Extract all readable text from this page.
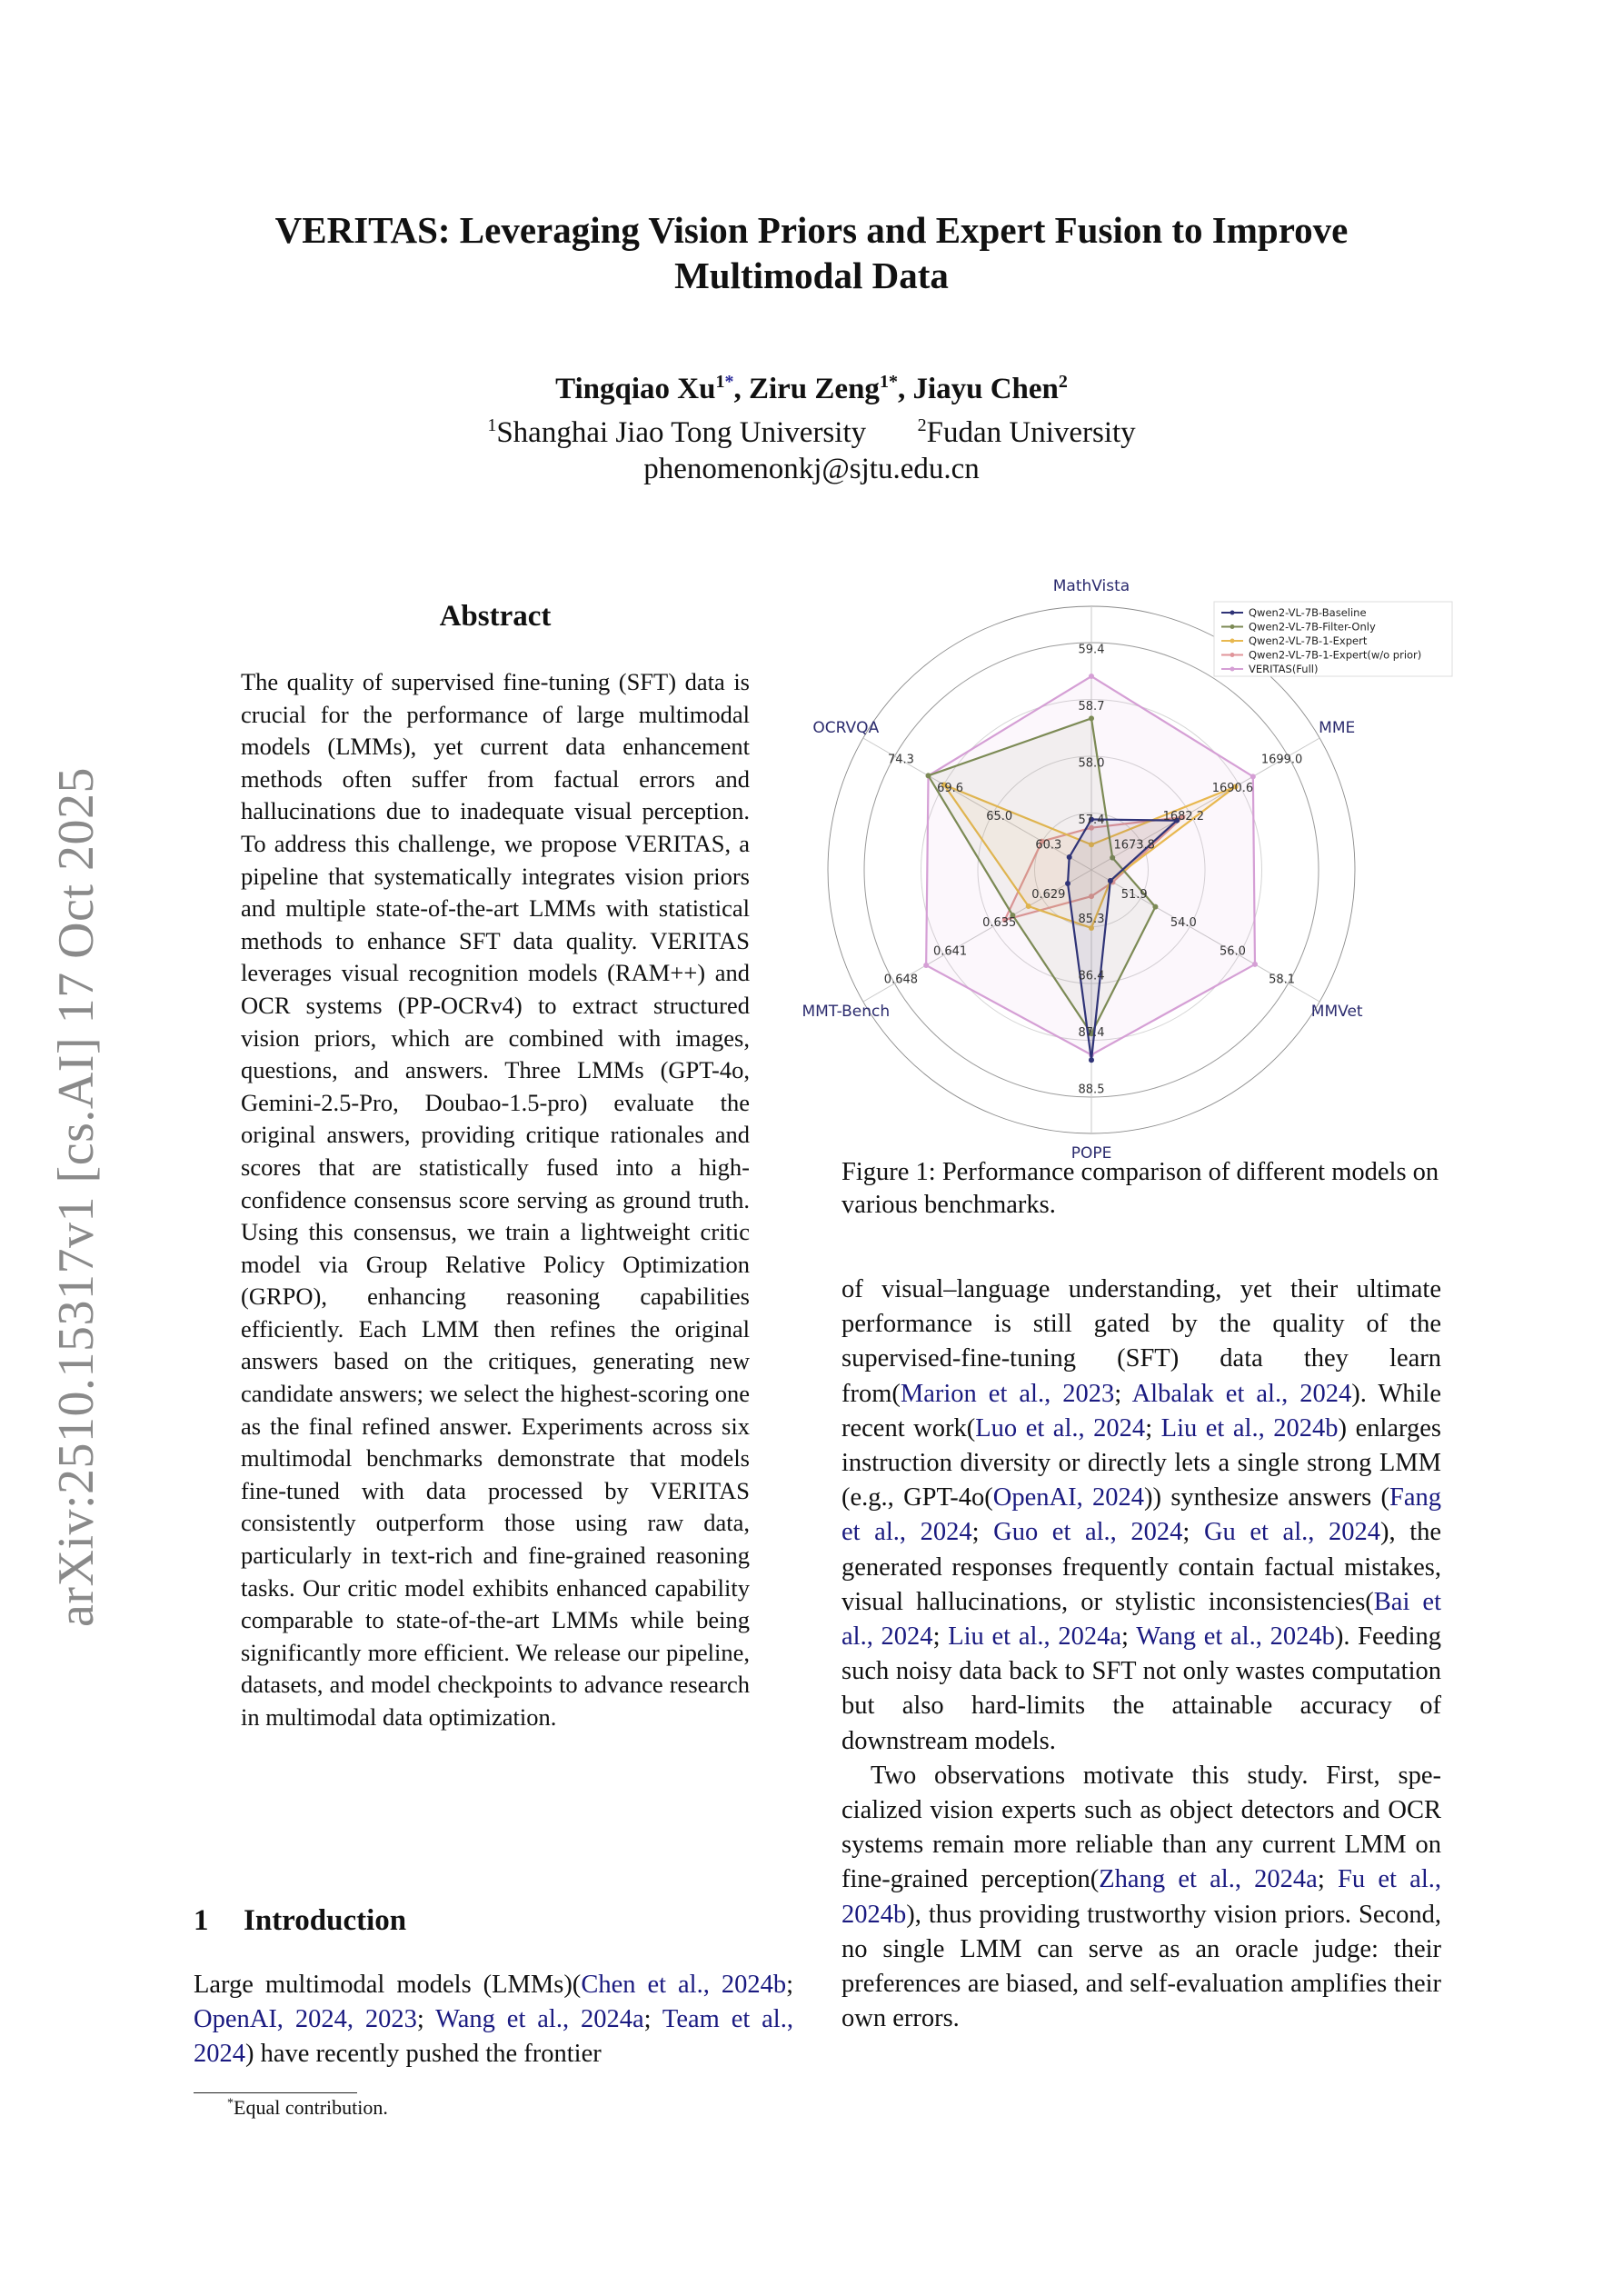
arXiv:2510.15317v1 [cs.AI] 17 Oct 2025
VERITAS: Leveraging Vision Priors and Expert Fusion to Improve
Multimodal Data
Tingqiao $Xu^{1*}$, Ziru Zeng$^{1*}$, Jiayu Chen$^2$
$^1$Shanghai Jiao Tong University	$^2$Fudan University
phenomenonkj@sjtu.edu.cn
Abstract

The quality of supervised fine-tuning (SFT) data is crucial for the performance of large multimodal models (LMMs), yet current data enhancement methods often suffer from factual errors and hallucinations due to inadequate visual perception. To address this challenge, we propose VERITAS, a pipeline that systematically integrates vision priors and multiple state-of-the-art LMMs with statistical methods to enhance SFT data quality. VERITAS leverages visual recognition models (RAM++) and OCR systems (PP-OCRv4) to extract structured vision priors, which are combined with images, questions, and answers. Three LMMs (GPT-4o, Gemini-2.5-Pro, Doubao-1.5-pro) evaluate the original answers, providing critique rationales and scores that are statistically fused into a high-confidence consensus score serving as ground truth. Using this consensus, we train a lightweight critic model via Group Relative Policy Optimization (GRPO), enhancing reasoning capabilities efficiently. Each LMM then refines the original answers based on the critiques, generating new candidate answers; we select the highest-scoring one as the final refined answer. Experiments across six multimodal benchmarks demonstrate that models fine-tuned with data processed by VERITAS consistently outperform those using raw data, particularly in text-rich and fine-grained reasoning tasks. Our critic model exhibits enhanced capability comparable to state-of-the-art LMMs while being significantly more efficient. We release our pipeline, datasets, and model checkpoints to advance research in multimodal data optimization.

1 Introduction

Large multimodal models (LMMs)(Chen et al., 2024b; OpenAI, 2024, 2023; Wang et al., 2024a; Team et al., 2024) have recently pushed the frontier

*Equal contribution.
57.4
58.0
58.7
59.4
MathVista
1673.8
1682.2
1690.6
1699.0
MME
51.9
54.0
56.0
58.1
MMVet
85.3
86.4
87.4
88.5
POPE
0.629
0.635
0.641
0.648
MMT-Bench
60.3
65.0
69.6
74.3
OCRVQA
Qwen2-VL-7B-Baseline
Qwen2-VL-7B-Filter-Only
Qwen2-VL-7B-1-Expert
Qwen2-VL-7B-1-Expert(w/o prior)
VERITAS(Full)
Figure 1: Performance comparison of different models on various benchmarks.

of visual–language understanding, yet their ultimate performance is still gated by the quality of the supervised-fine-tuning (SFT) data they learn from(Marion et al., 2023; Albalak et al., 2024). While recent work(Luo et al., 2024; Liu et al., 2024b) enlarges instruction diversity or directly lets a single strong LMM (e.g., GPT-4o(OpenAI, 2024)) synthesize answers (Fang et al., 2024; Guo et al., 2024; Gu et al., 2024), the generated responses frequently contain factual mistakes, visual hallucinations, or stylistic inconsistencies(Bai et al., 2024; Liu et al., 2024a; Wang et al., 2024b). Feeding such noisy data back to SFT not only wastes computation but also hard-limits the attainable accuracy of downstream models.

Two observations motivate this study. First, specialized vision experts such as object detectors and OCR systems remain more reliable than any current LMM on fine-grained perception(Zhang et al., 2024a; Fu et al., 2024b), thus providing trustworthy vision priors. Second, no single LMM can serve as an oracle judge: their preferences are biased, and self-evaluation amplifies their own errors.
